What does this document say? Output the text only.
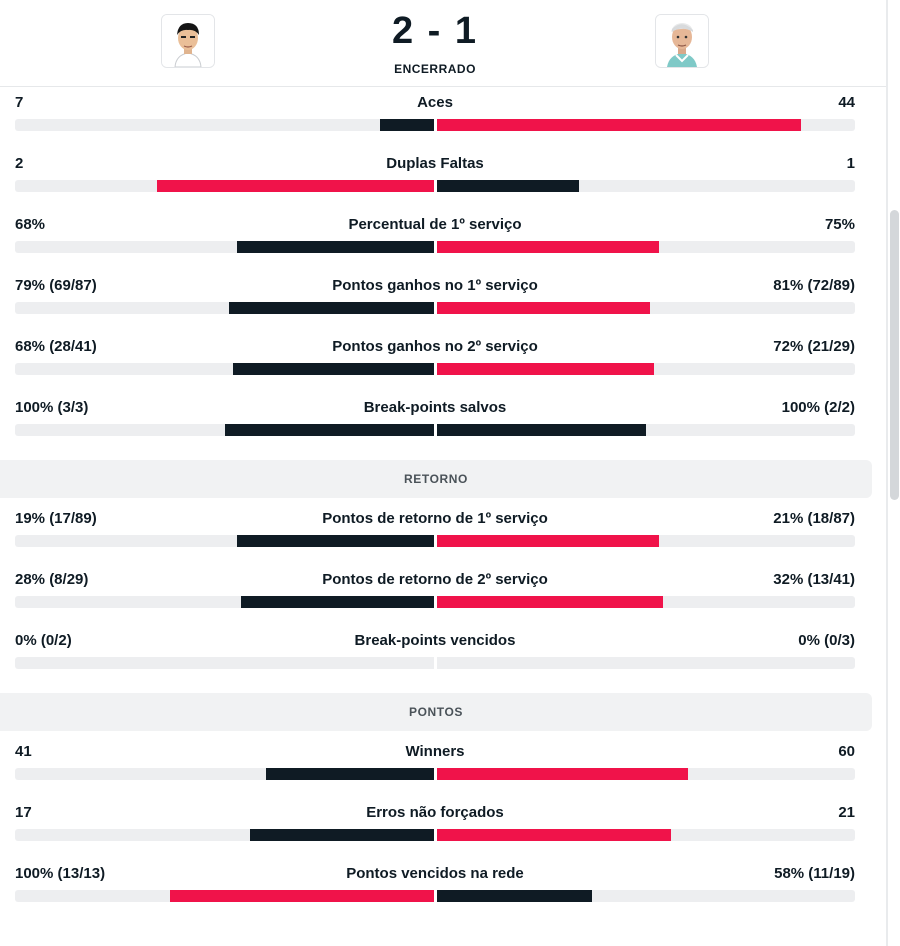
2 - 1
ENCERRADO
7	Aces	44
2	Duplas Faltas	1
68%	Percentual de 1º serviço	75%
79% (69/87)	Pontos ganhos no 1º serviço	81% (72/89)
68% (28/41)	Pontos ganhos no 2º serviço	72% (21/29)
100% (3/3)	Break-points salvos	100% (2/2)
RETORNO
19% (17/89)	Pontos de retorno de 1º serviço	21% (18/87)
28% (8/29)	Pontos de retorno de 2º serviço	32% (13/41)
0% (0/2)	Break-points vencidos	0% (0/3)
PONTOS
41	Winners	60
17	Erros não forçados	21
100% (13/13)	Pontos vencidos na rede	58% (11/19)
